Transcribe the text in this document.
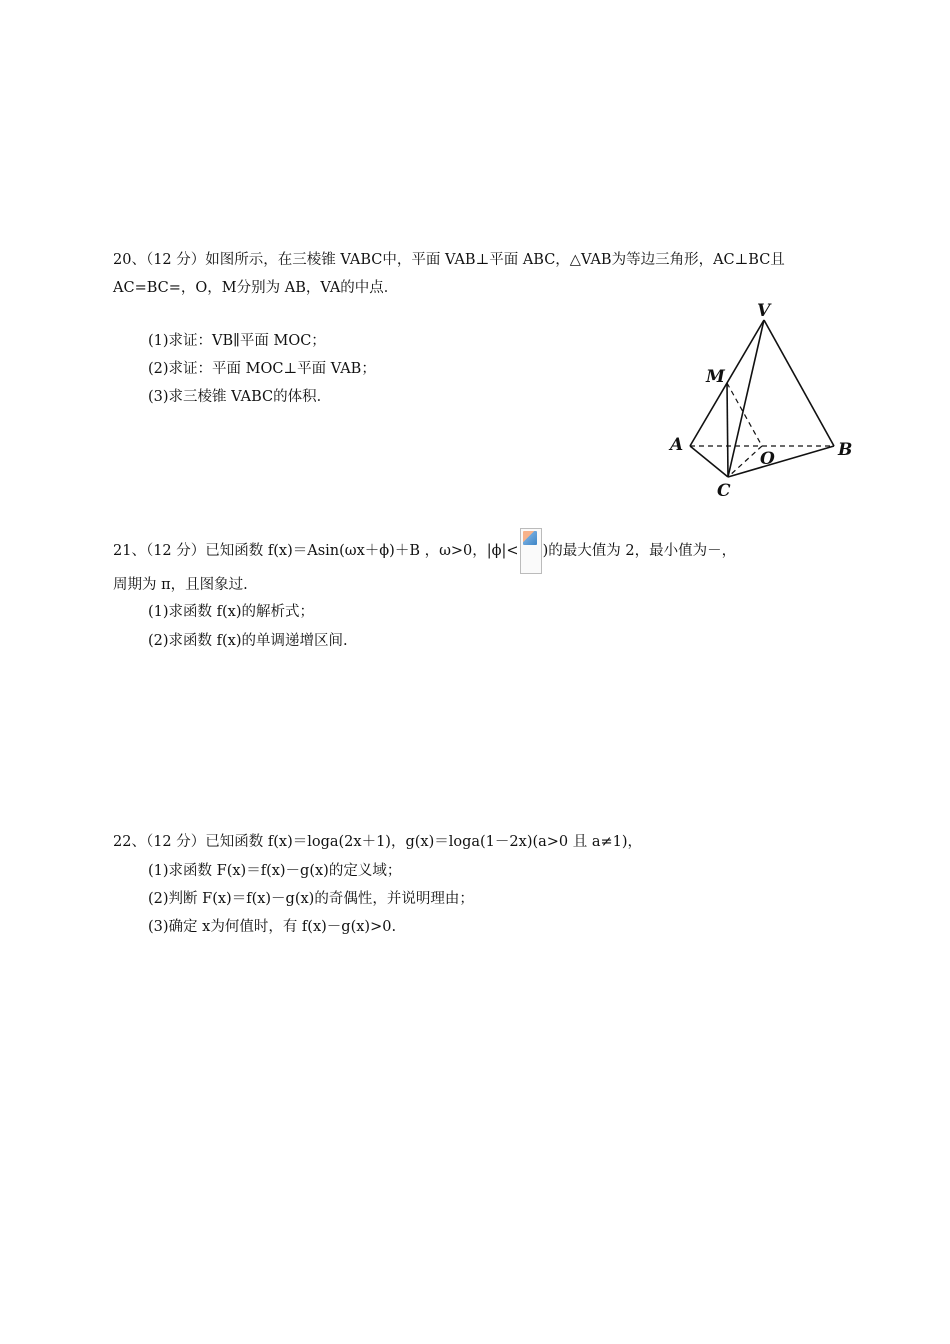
20、（12 分）如图所示，在三棱锥 VABC中，平面 VAB⊥平面 ABC，△VAB为等边三角形，AC⊥BC且
AC=BC=，O，M分别为 AB，VA的中点．
(1)求证：VB∥平面 MOC；
(2)求证：平面 MOC⊥平面 VAB；
(3)求三棱锥 VABC的体积．
V
M
A
O	B
C
21、（12 分）已知函数 f(x)＝Asin(ωx＋ϕ)＋B ，ω>0，|ϕ|< )的最大值为 2，最小值为－，
周期为 π，且图象过.
(1)求函数 f(x)的解析式；
(2)求函数 f(x)的单调递增区间.
22、（12 分）已知函数 f(x)＝loga(2x＋1)，g(x)＝loga(1－2x)(a>0 且 a≠1)，
(1)求函数 F(x)＝f(x)－g(x)的定义域；
(2)判断 F(x)＝f(x)－g(x)的奇偶性，并说明理由；
(3)确定 x为何值时，有 f(x)－g(x)>0.
